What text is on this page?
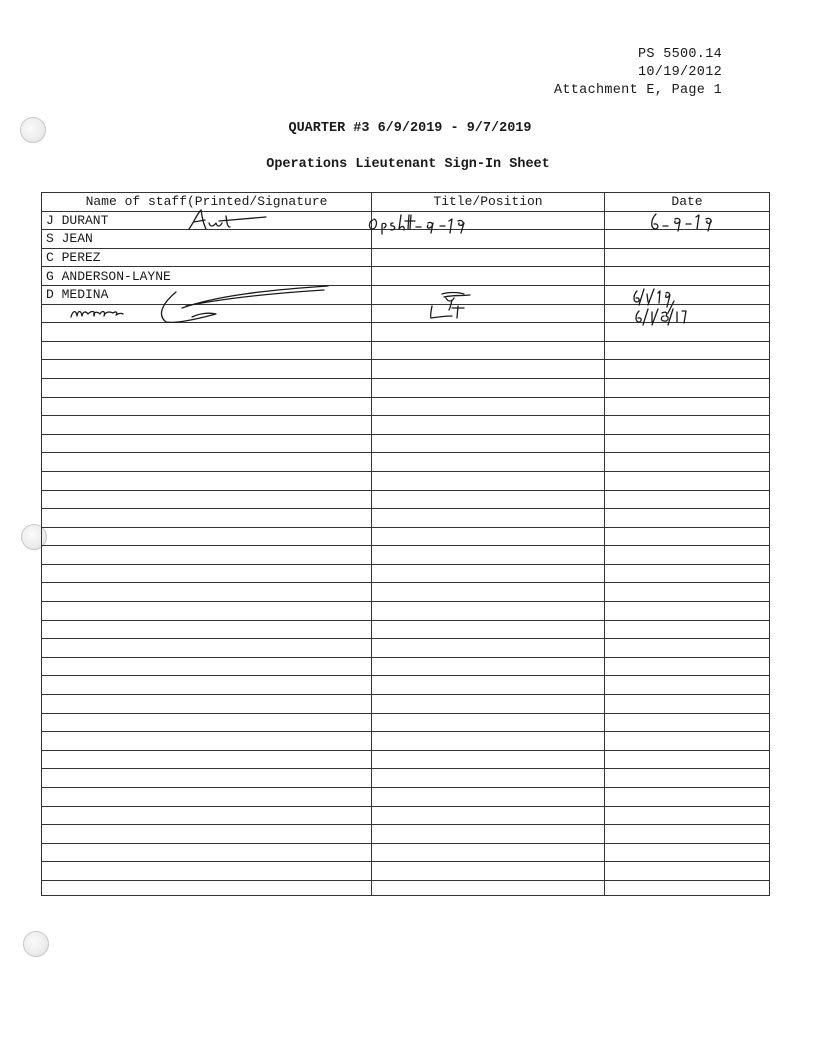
PS 5500.14
10/19/2012
Attachment E, Page 1
QUARTER #3 6/9/2019 - 9/7/2019
Operations Lieutenant Sign-In Sheet
Name of staff(Printed/Signature	Title/Position	Date
J DURANT		
S JEAN		
C PEREZ		
G ANDERSON-LAYNE		
D MEDINA		
